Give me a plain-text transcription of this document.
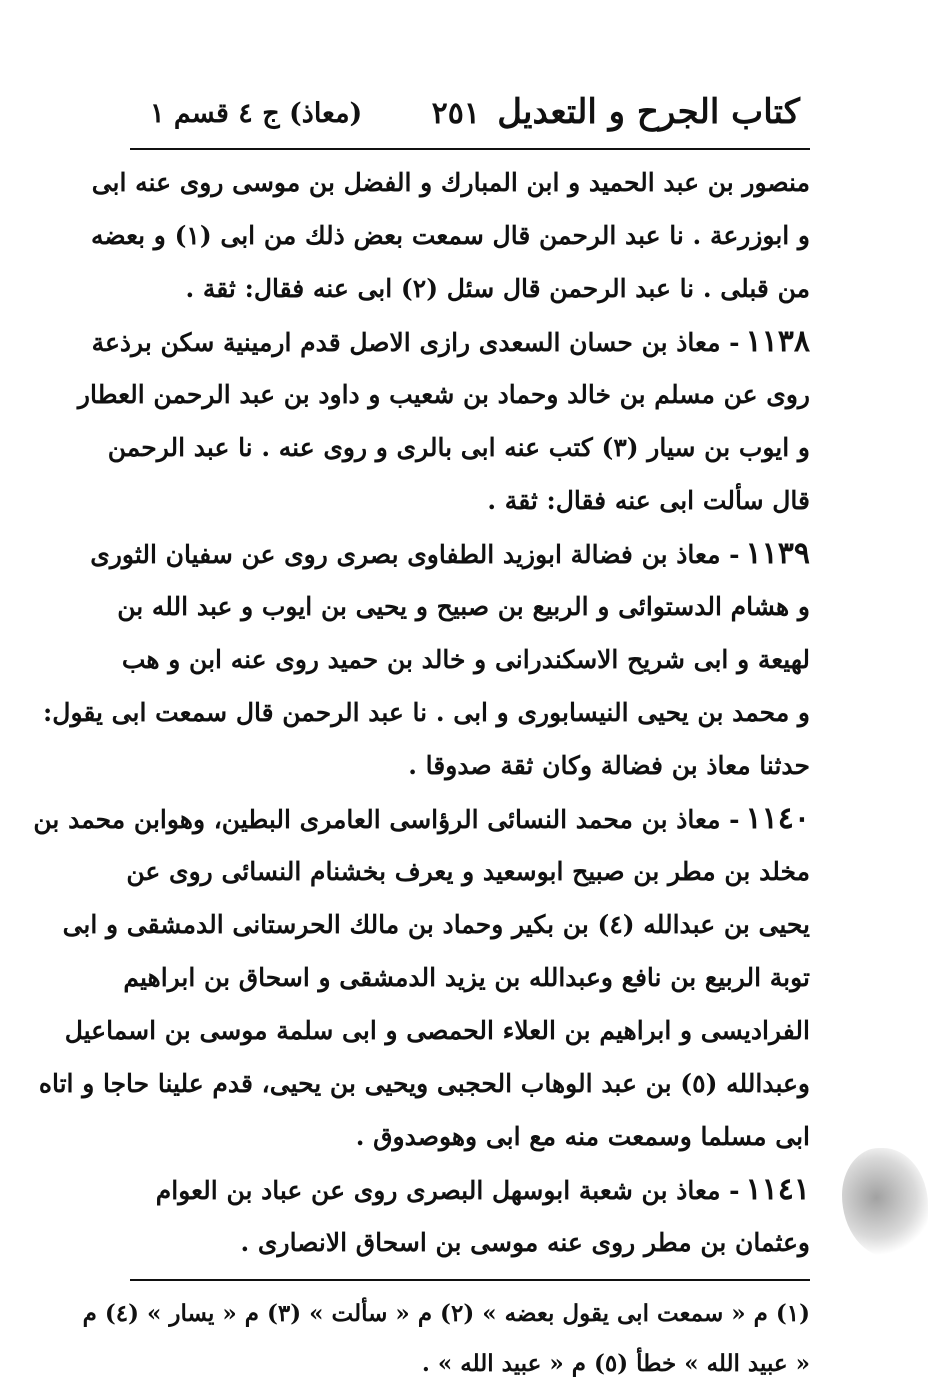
كتاب الجرح و التعديل
٢٥١
(معاذ) ج ٤ قسم ١
منصور بن عبد الحميد و ابن المبارك و الفضل بن موسى روى عنه ابى
و ابوزرعة . نا عبد الرحمن قال سمعت بعض ذلك من ابى (١) و بعضه
من قبلى . نا عبد الرحمن قال سئل (٢) ابى عنه فقال: ثقة .
١١٣٨- معاذ بن حسان السعدى رازى الاصل قدم ارمينية سكن برذعة
روى عن مسلم بن خالد وحماد بن شعيب و داود بن عبد الرحمن العطار
و ايوب بن سيار (٣) كتب عنه ابى بالرى و روى عنه . نا عبد الرحمن
قال سألت ابى عنه فقال: ثقة .
١١٣٩- معاذ بن فضالة ابوزيد الطفاوى بصرى روى عن سفيان الثورى
و هشام الدستوائى و الربيع بن صبيح و يحيى بن ايوب و عبد الله بن
لهيعة و ابى شريح الاسكندرانى و خالد بن حميد روى عنه ابن و هب
و محمد بن يحيى النيسابورى و ابى . نا عبد الرحمن قال سمعت ابى يقول:
حدثنا معاذ بن فضالة وكان ثقة صدوقا .
١١٤٠- معاذ بن محمد النسائى الرؤاسى العامرى البطين، وهوابن محمد بن
مخلد بن مطر بن صبيح ابوسعيد و يعرف بخشنام النسائى روى عن
يحيى بن عبدالله (٤) بن بكير وحماد بن مالك الحرستانى الدمشقى و ابى
توبة الربيع بن نافع وعبدالله بن يزيد الدمشقى و اسحاق بن ابراهيم
الفراديسى و ابراهيم بن العلاء الحمصى و ابى سلمة موسى بن اسماعيل
وعبدالله (٥) بن عبد الوهاب الحجبى ويحيى بن يحيى، قدم علينا حاجا و اتاه
ابى مسلما وسمعت منه مع ابى وهوصدوق .
١١٤١- معاذ بن شعبة ابوسهل البصرى روى عن عباد بن العوام
وعثمان بن مطر روى عنه موسى بن اسحاق الانصارى .
(١) م « سمعت ابى يقول بعضه » (٢) م « سألت » (٣) م « يسار » (٤) م
« عبيد الله » خطأ (٥) م « عبيد الله » .
